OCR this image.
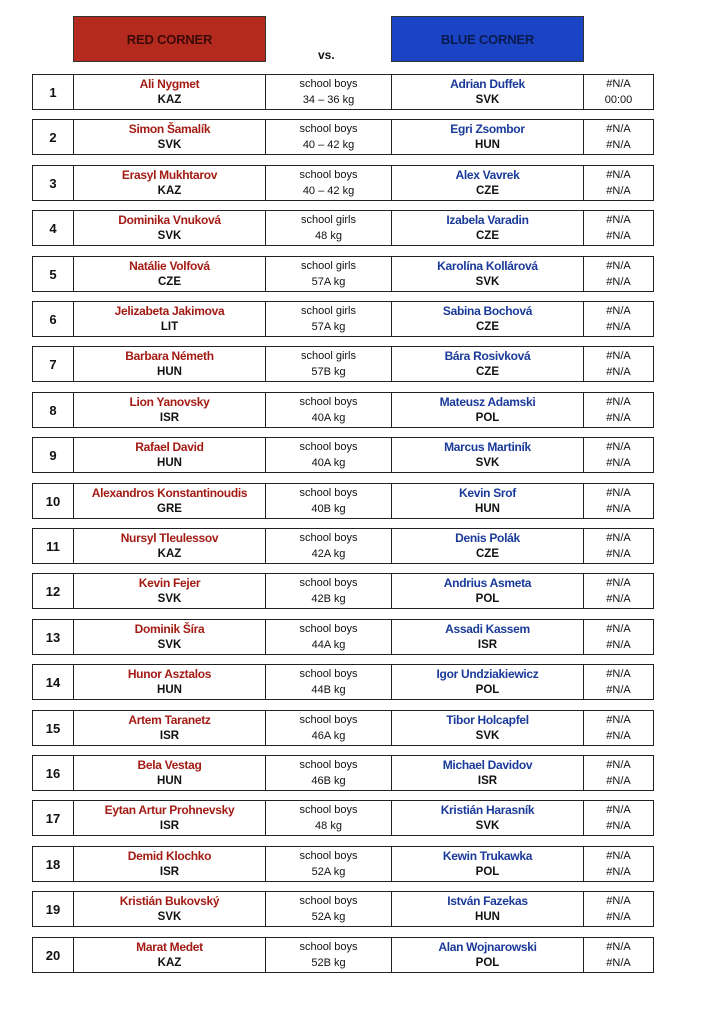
RED CORNER
vs.
BLUE CORNER
1
Ali Nygmet
KAZ
school boys
34 – 36 kg
Adrian Duffek
SVK
#N/A
00:00
2
Simon Šamalík
SVK
school boys
40 – 42 kg
Egri Zsombor
HUN
#N/A
#N/A
3
Erasyl Mukhtarov
KAZ
school boys
40 – 42 kg
Alex Vavrek
CZE
#N/A
#N/A
4
Dominika Vnuková
SVK
school girls
48 kg
Izabela Varadin
CZE
#N/A
#N/A
5
Natálie Volfová
CZE
school girls
57A kg
Karolína Kollárová
SVK
#N/A
#N/A
6
Jelizabeta Jakimova
LIT
school girls
57A kg
Sabina Bochová
CZE
#N/A
#N/A
7
Barbara Németh
HUN
school girls
57B kg
Bára Rosivková
CZE
#N/A
#N/A
8
Lion Yanovsky
ISR
school boys
40A kg
Mateusz Adamski
POL
#N/A
#N/A
9
Rafael David
HUN
school boys
40A kg
Marcus Martiník
SVK
#N/A
#N/A
10
Alexandros Konstantinoudis
GRE
school boys
40B kg
Kevin Srof
HUN
#N/A
#N/A
11
Nursyl Tleulessov
KAZ
school boys
42A kg
Denis Polák
CZE
#N/A
#N/A
12
Kevin Fejer
SVK
school boys
42B kg
Andrius Asmeta
POL
#N/A
#N/A
13
Dominik Šíra
SVK
school boys
44A kg
Assadi Kassem
ISR
#N/A
#N/A
14
Hunor Asztalos
HUN
school boys
44B kg
Igor Undziakiewicz
POL
#N/A
#N/A
15
Artem Taranetz
ISR
school boys
46A kg
Tibor Holcapfel
SVK
#N/A
#N/A
16
Bela Vestag
HUN
school boys
46B kg
Michael Davidov
ISR
#N/A
#N/A
17
Eytan Artur Prohnevsky
ISR
school boys
48 kg
Kristián Harasník
SVK
#N/A
#N/A
18
Demid Klochko
ISR
school boys
52A kg
Kewin Trukawka
POL
#N/A
#N/A
19
Kristián Bukovský
SVK
school boys
52A kg
István Fazekas
HUN
#N/A
#N/A
20
Marat Medet
KAZ
school boys
52B kg
Alan Wojnarowski
POL
#N/A
#N/A
